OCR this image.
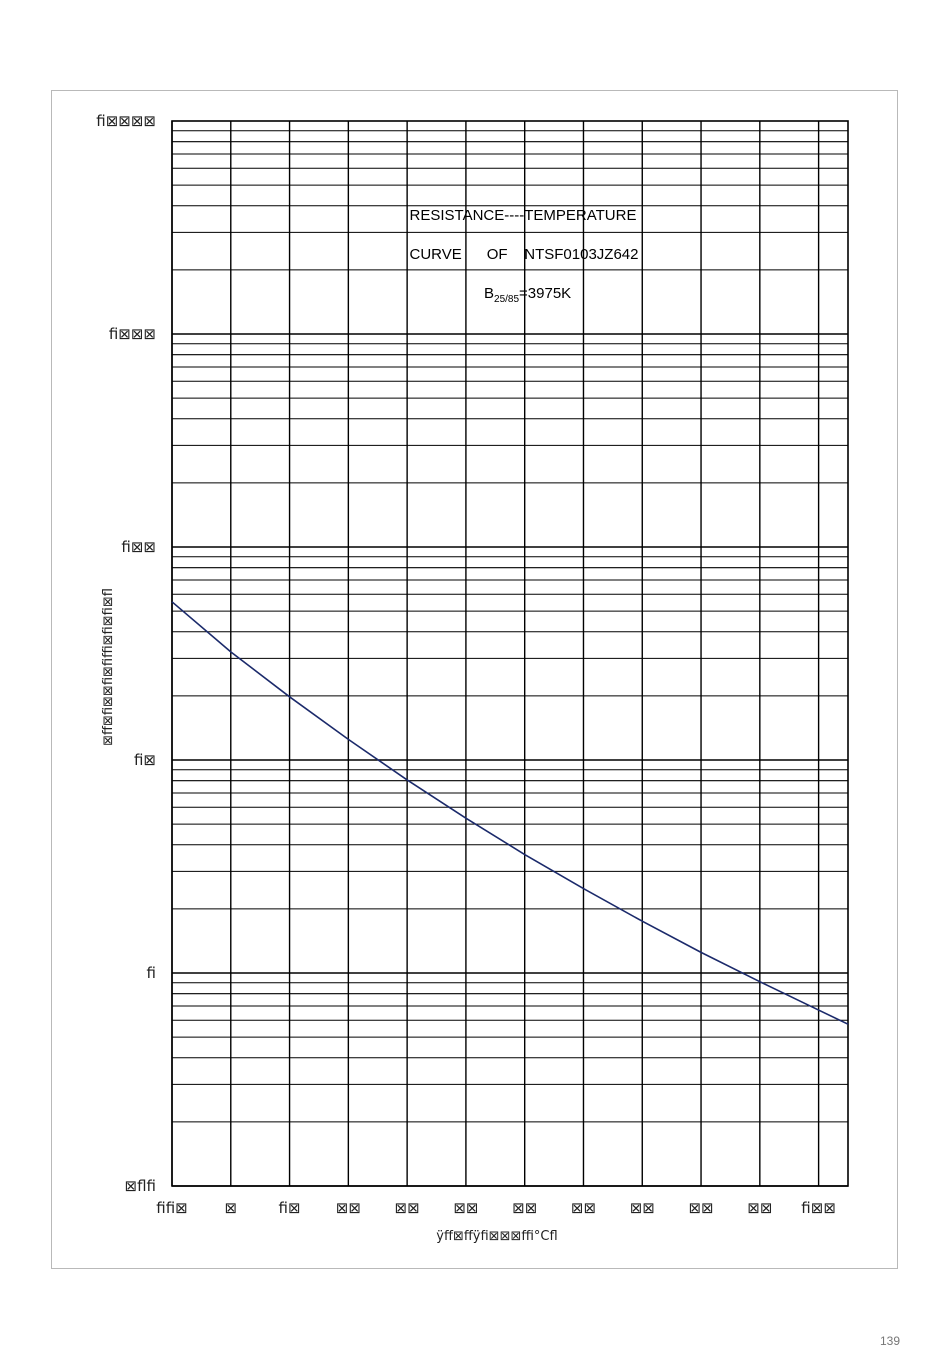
⊠flfi
fi
fi⊠
fi⊠⊠
fi⊠⊠⊠
fi⊠⊠⊠⊠
fifi⊠ ⊠	fi⊠ ⊠⊠ ⊠⊠ ⊠⊠ ⊠⊠ ⊠⊠ ⊠⊠ ⊠⊠ ⊠⊠ fi⊠⊠
⊠ff⊠fi⊠⊠fi⊠fiffi⊠fi⊠fi⊠fl
ÿff⊠ffÿfi⊠⊠⊠ffi°Cfl
RESISTANCE----TEMPERATURE
CURVE      OF    NTSF0103JZ642
$B_{25/85}=3975K$
139
